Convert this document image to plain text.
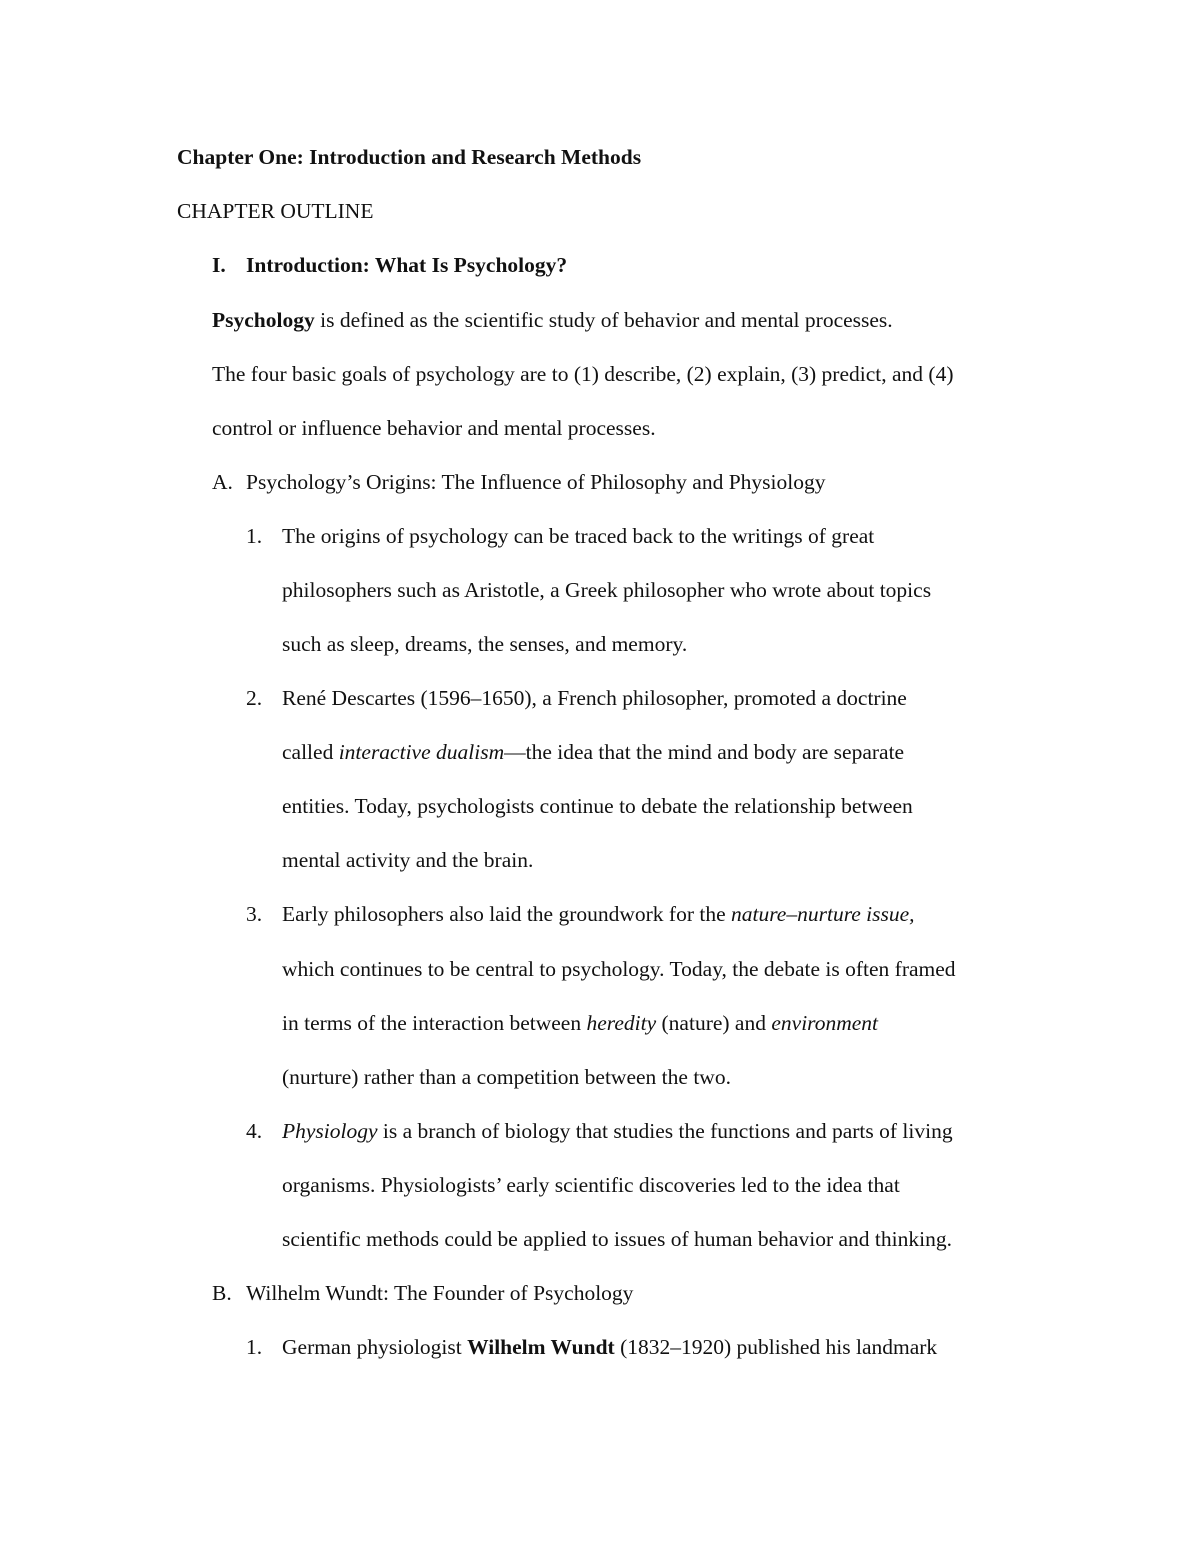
Chapter One: Introduction and Research Methods
CHAPTER OUTLINE
I. Introduction: What Is Psychology?
Psychology is defined as the scientific study of behavior and mental processes.
The four basic goals of psychology are to (1) describe, (2) explain, (3) predict, and (4)
control or influence behavior and mental processes.
A. Psychology’s Origins: The Influence of Philosophy and Physiology
1. The origins of psychology can be traced back to the writings of great
philosophers such as Aristotle, a Greek philosopher who wrote about topics
such as sleep, dreams, the senses, and memory.
2. René Descartes (1596–1650), a French philosopher, promoted a doctrine
called interactive dualism—the idea that the mind and body are separate
entities. Today, psychologists continue to debate the relationship between
mental activity and the brain.
3. Early philosophers also laid the groundwork for the nature–nurture issue,
which continues to be central to psychology. Today, the debate is often framed
in terms of the interaction between heredity (nature) and environment
(nurture) rather than a competition between the two.
4. Physiology is a branch of biology that studies the functions and parts of living
organisms. Physiologists’ early scientific discoveries led to the idea that
scientific methods could be applied to issues of human behavior and thinking.
B. Wilhelm Wundt: The Founder of Psychology
1. German physiologist Wilhelm Wundt (1832–1920) published his landmark
